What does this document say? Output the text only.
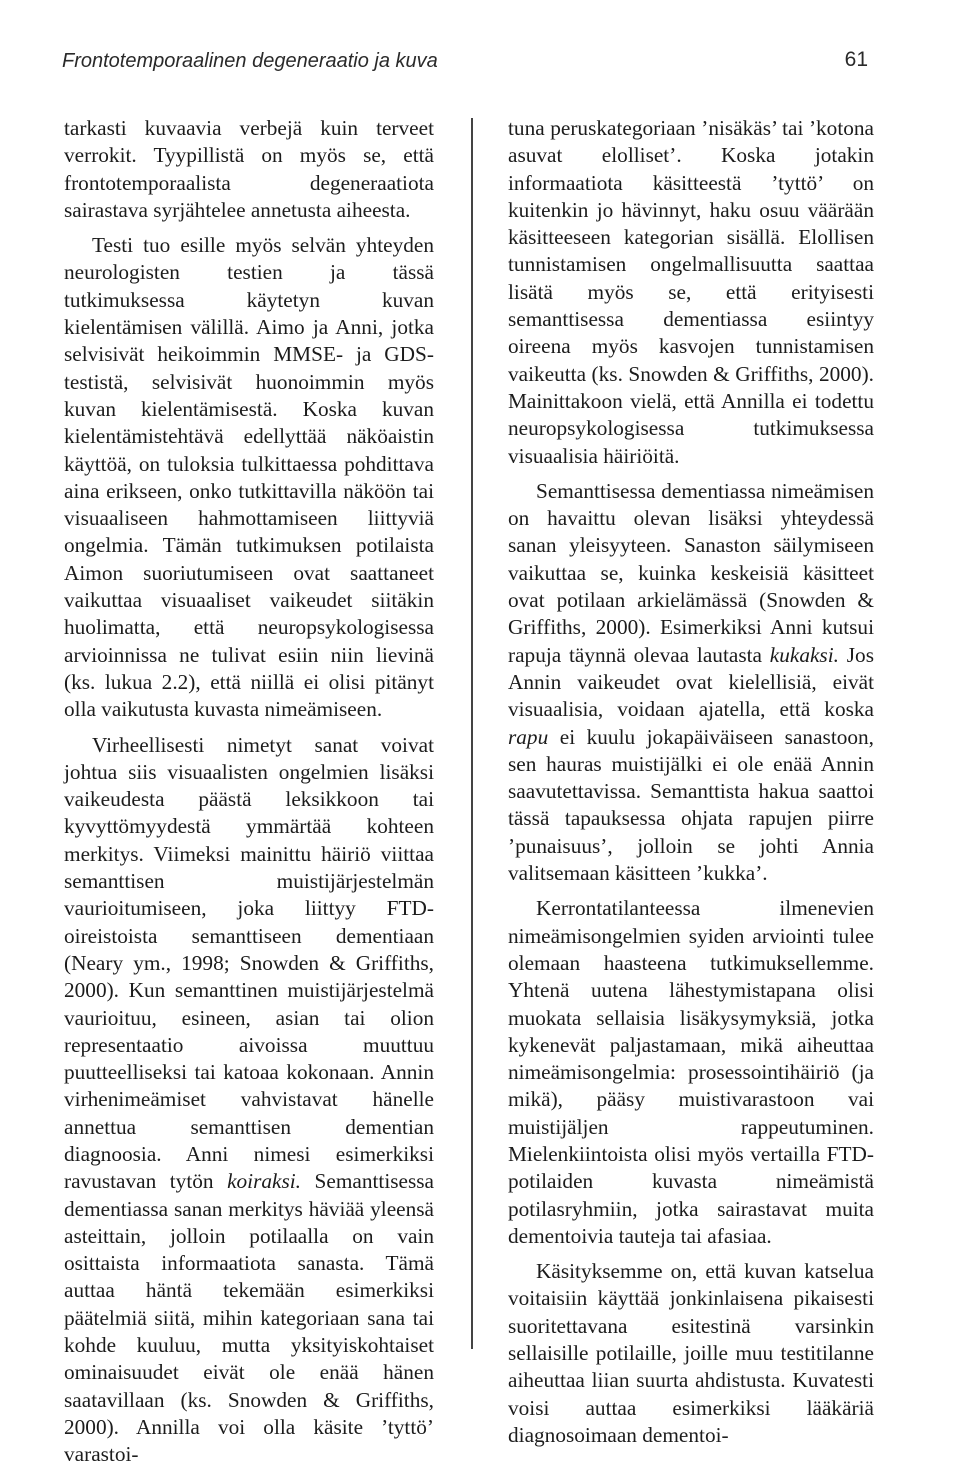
Frontotemporaalinen degeneraatio ja kuva	61

tarkasti kuvaavia verbejä kuin terveet verrokit. Tyypillistä on myös se, että frontotemporaalista degeneraatiota sairastava syrjähtelee annetusta aiheesta.

Testi tuo esille myös selvän yhteyden neurologisten testien ja tässä tutkimuksessa käytetyn kuvan kielentämisen välillä. Aimo ja Anni, jotka selvisivät heikoimmin MMSE- ja GDS-testistä, selvisivät huonoimmin myös kuvan kielentämisestä. Koska kuvan kielentämistehtävä edellyttää näköaistin käyttöä, on tuloksia tulkittaessa pohdittava aina erikseen, onko tutkittavilla näköön tai visuaaliseen hahmottamiseen liittyviä ongelmia. Tämän tutkimuksen potilaista Aimon suoriutumiseen ovat saattaneet vaikuttaa visuaaliset vaikeudet siitäkin huolimatta, että neuropsykologisessa arvioinnissa ne tulivat esiin niin lievinä (ks. lukua 2.2), että niillä ei olisi pitänyt olla vaikutusta kuvasta nimeämiseen.

Virheellisesti nimetyt sanat voivat johtua siis visuaalisten ongelmien lisäksi vaikeudesta päästä leksikkoon tai kyvyttömyydestä ymmärtää kohteen merkitys. Viimeksi mainittu häiriö viittaa semanttisen muistijärjestelmän vaurioitumiseen, joka liittyy FTD-oireistoista semanttiseen dementiaan (Neary ym., 1998; Snowden & Griffiths, 2000). Kun semanttinen muistijärjestelmä vaurioituu, esineen, asian tai olion representaatio aivoissa muuttuu puutteelliseksi tai katoaa kokonaan. Annin virhenimeämiset vahvistavat hänelle annettua semanttisen dementian diagnoosia. Anni nimesi esimerkiksi ravustavan tytön koiraksi. Semanttisessa dementiassa sanan merkitys häviää yleensä asteittain, jolloin potilaalla on vain osittaista informaatiota sanasta. Tämä auttaa häntä tekemään esimerkiksi päätelmiä siitä, mihin kategoriaan sana tai kohde kuuluu, mutta yksityiskohtaiset ominaisuudet eivät ole enää hänen saatavillaan (ks. Snowden & Griffiths, 2000). Annilla voi olla käsite ’tyttö’ varastoi-

tuna peruskategoriaan ’nisäkäs’ tai ’kotona asuvat elolliset’. Koska jotakin informaatiota käsitteestä ’tyttö’ on kuitenkin jo hävinnyt, haku osuu väärään käsitteeseen kategorian sisällä. Elollisen tunnistamisen ongelmallisuutta saattaa lisätä myös se, että erityisesti semanttisessa dementiassa esiintyy oireena myös kasvojen tunnistamisen vaikeutta (ks. Snowden & Griffiths, 2000). Mainittakoon vielä, että Annilla ei todettu neuropsykologisessa tutkimuksessa visuaalisia häiriöitä.

Semanttisessa dementiassa nimeämisen on havaittu olevan lisäksi yhteydessä sanan yleisyyteen. Sanaston säilymiseen vaikuttaa se, kuinka keskeisiä käsitteet ovat potilaan arkielämässä (Snowden & Griffiths, 2000). Esimerkiksi Anni kutsui rapuja täynnä olevaa lautasta kukaksi. Jos Annin vaikeudet ovat kielellisiä, eivät visuaalisia, voidaan ajatella, että koska rapu ei kuulu jokapäiväiseen sanastoon, sen hauras muistijälki ei ole enää Annin saavutettavissa. Semanttista hakua saattoi tässä tapauksessa ohjata rapujen piirre ’punaisuus’, jolloin se johti Annia valitsemaan käsitteen ’kukka’.

Kerrontatilanteessa ilmenevien nimeämisongelmien syiden arviointi tulee olemaan haasteena tutkimuksellemme. Yhtenä uutena lähestymistapana olisi muokata sellaisia lisäkysymyksiä, jotka kykenevät paljastamaan, mikä aiheuttaa nimeämisongelmia: prosessointihäiriö (ja mikä), pääsy muistivarastoon vai muistijäljen rappeutuminen. Mielenkiintoista olisi myös vertailla FTD-potilaiden kuvasta nimeämistä potilasryhmiin, jotka sairastavat muita dementoivia tauteja tai afasiaa.

Käsityksemme on, että kuvan katselua voitaisiin käyttää jonkinlaisena pikaisesti suoritettavana esitestinä varsinkin sellaisille potilaille, joille muu testitilanne aiheuttaa liian suurta ahdistusta. Kuvatesti voisi auttaa esimerkiksi lääkäriä diagnosoimaan dementoi-
